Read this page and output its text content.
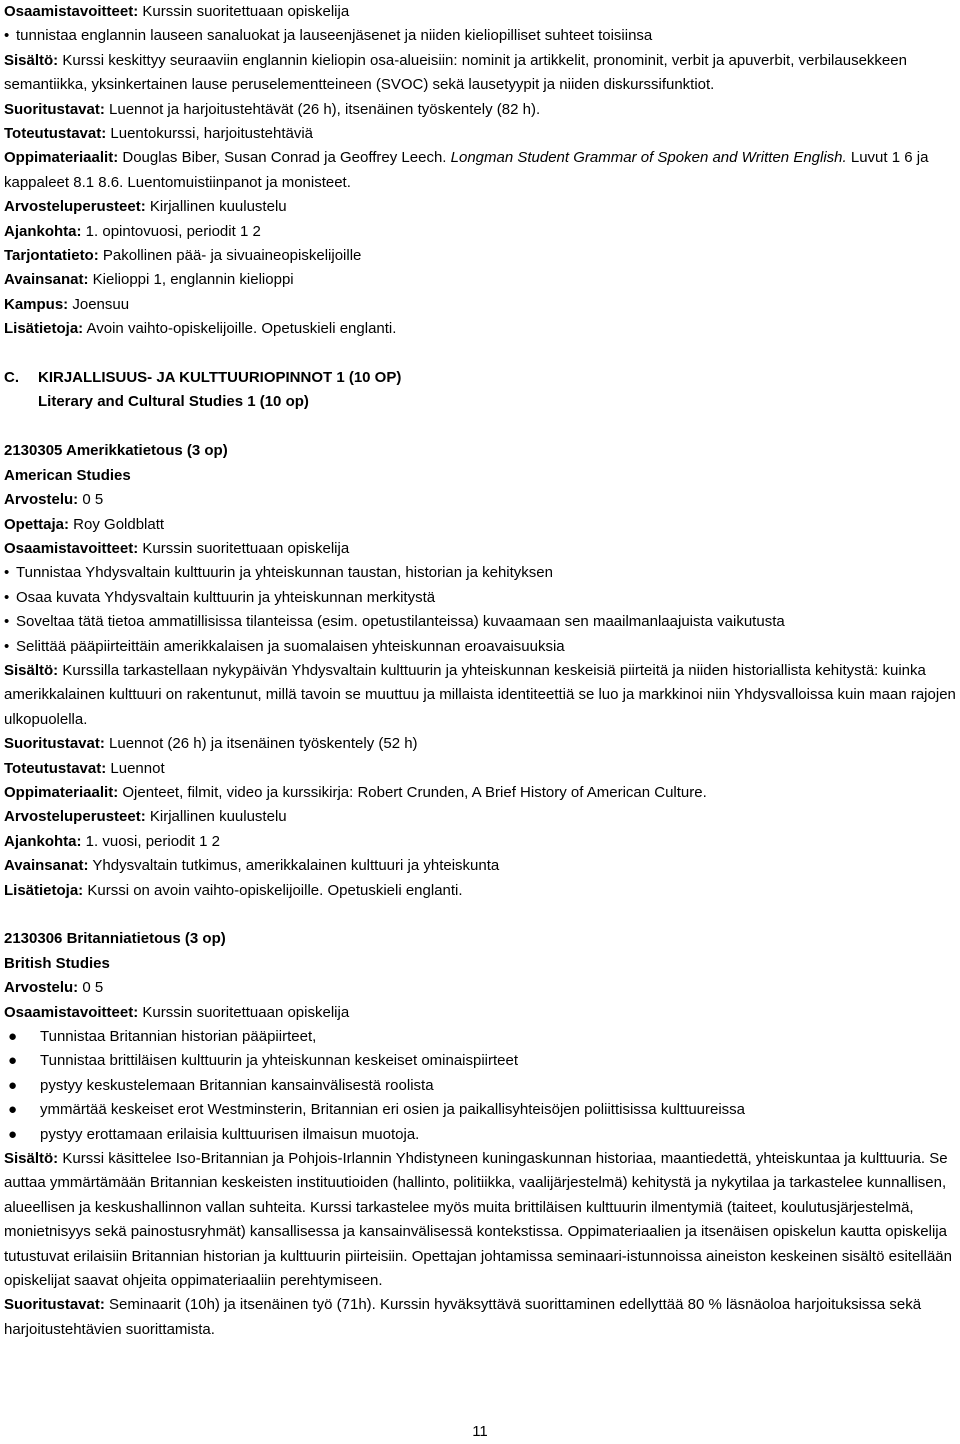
Osaamistavoitteet: Kurssin suoritettuaan opiskelija
• tunnistaa englannin lauseen sanaluokat ja lauseenjäsenet ja niiden kieliopilliset suhteet toisiinsa
Sisältö: Kurssi keskittyy seuraaviin englannin kieliopin osa-alueisiin: nominit ja artikkelit, pronominit, verbit ja apuverbit, verbilausekkeen semantiikka, yksinkertainen lause peruselementteineen (SVOC) sekä lausetyypit ja niiden diskurssifunktiot.
Suoritustavat: Luennot ja harjoitustehtävät (26 h), itsenäinen työskentely (82 h).
Toteutustavat: Luentokurssi, harjoitustehtäviä
Oppimateriaalit: Douglas Biber, Susan Conrad ja Geoffrey Leech. Longman Student Grammar of Spoken and Written English. Luvut 1 6 ja kappaleet 8.1 8.6. Luentomuistiinpanot ja monisteet.
Arvosteluperusteet: Kirjallinen kuulustelu
Ajankohta: 1. opintovuosi, periodit 1 2
Tarjontatieto: Pakollinen pää- ja sivuaineopiskelijoille
Avainsanat: Kielioppi 1, englannin kielioppi
Kampus: Joensuu
Lisätietoja: Avoin vaihto-opiskelijoille. Opetuskieli englanti.
C. KIRJALLISUUS- JA KULTTUURIOPINNOT 1 (10 OP)
Literary and Cultural Studies 1 (10 op)
2130305 Amerikkatietous (3 op)
American Studies
Arvostelu: 0 5
Opettaja: Roy Goldblatt
Osaamistavoitteet: Kurssin suoritettuaan opiskelija
• Tunnistaa Yhdysvaltain kulttuurin ja yhteiskunnan taustan, historian ja kehityksen
• Osaa kuvata Yhdysvaltain kulttuurin ja yhteiskunnan merkitystä
• Soveltaa tätä tietoa ammatillisissa tilanteissa (esim. opetustilanteissa) kuvaamaan sen maailmanlaajuista vaikutusta
• Selittää pääpiirteittäin amerikkalaisen ja suomalaisen yhteiskunnan eroavaisuuksia
Sisältö: Kurssilla tarkastellaan nykypäivän Yhdysvaltain kulttuurin ja yhteiskunnan keskeisiä piirteitä ja niiden historiallista kehitystä: kuinka amerikkalainen kulttuuri on rakentunut, millä tavoin se muuttuu ja millaista identiteettiä se luo ja markkinoi niin Yhdysvalloissa kuin maan rajojen ulkopuolella.
Suoritustavat: Luennot (26 h) ja itsenäinen työskentely (52 h)
Toteutustavat: Luennot
Oppimateriaalit: Ojenteet, filmit, video ja kurssikirja: Robert Crunden, A Brief History of American Culture.
Arvosteluperusteet: Kirjallinen kuulustelu
Ajankohta: 1. vuosi, periodit 1 2
Avainsanat: Yhdysvaltain tutkimus, amerikkalainen kulttuuri ja yhteiskunta
Lisätietoja: Kurssi on avoin vaihto-opiskelijoille. Opetuskieli englanti.
2130306 Britanniatietous (3 op)
British Studies
Arvostelu: 0 5
Osaamistavoitteet: Kurssin suoritettuaan opiskelija
●	Tunnistaa Britannian historian pääpiirteet,
●	Tunnistaa brittiläisen kulttuurin ja yhteiskunnan keskeiset ominaispiirteet
●	pystyy keskustelemaan Britannian kansainvälisestä roolista
●	ymmärtää keskeiset erot Westminsterin, Britannian eri osien ja paikallisyhteisöjen poliittisissa kulttuureissa
●	pystyy erottamaan erilaisia kulttuurisen ilmaisun muotoja.
Sisältö: Kurssi käsittelee Iso-Britannian ja Pohjois-Irlannin Yhdistyneen kuningaskunnan historiaa, maantiedettä, yhteiskuntaa ja kulttuuria. Se auttaa ymmärtämään Britannian keskeisten instituutioiden (hallinto, politiikka, vaalijärjestelmä) kehitystä ja nykytilaa ja tarkastelee kunnallisen, alueellisen ja keskushallinnon vallan suhteita. Kurssi tarkastelee myös muita brittiläisen kulttuurin ilmentymiä (taiteet, koulutusjärjestelmä, monietnisyys sekä painostusryhmät) kansallisessa ja kansainvälisessä kontekstissa. Oppimateriaalien ja itsenäisen opiskelun kautta opiskelija tutustuvat erilaisiin Britannian historian ja kulttuurin piirteisiin. Opettajan johtamissa seminaari-istunnoissa aineiston keskeinen sisältö esitellään opiskelijat saavat ohjeita oppimateriaaliin perehtymiseen.
Suoritustavat: Seminaarit (10h) ja itsenäinen työ (71h). Kurssin hyväksyttävä suorittaminen edellyttää 80 % läsnäoloa harjoituksissa sekä harjoitustehtävien suorittamista.
11
